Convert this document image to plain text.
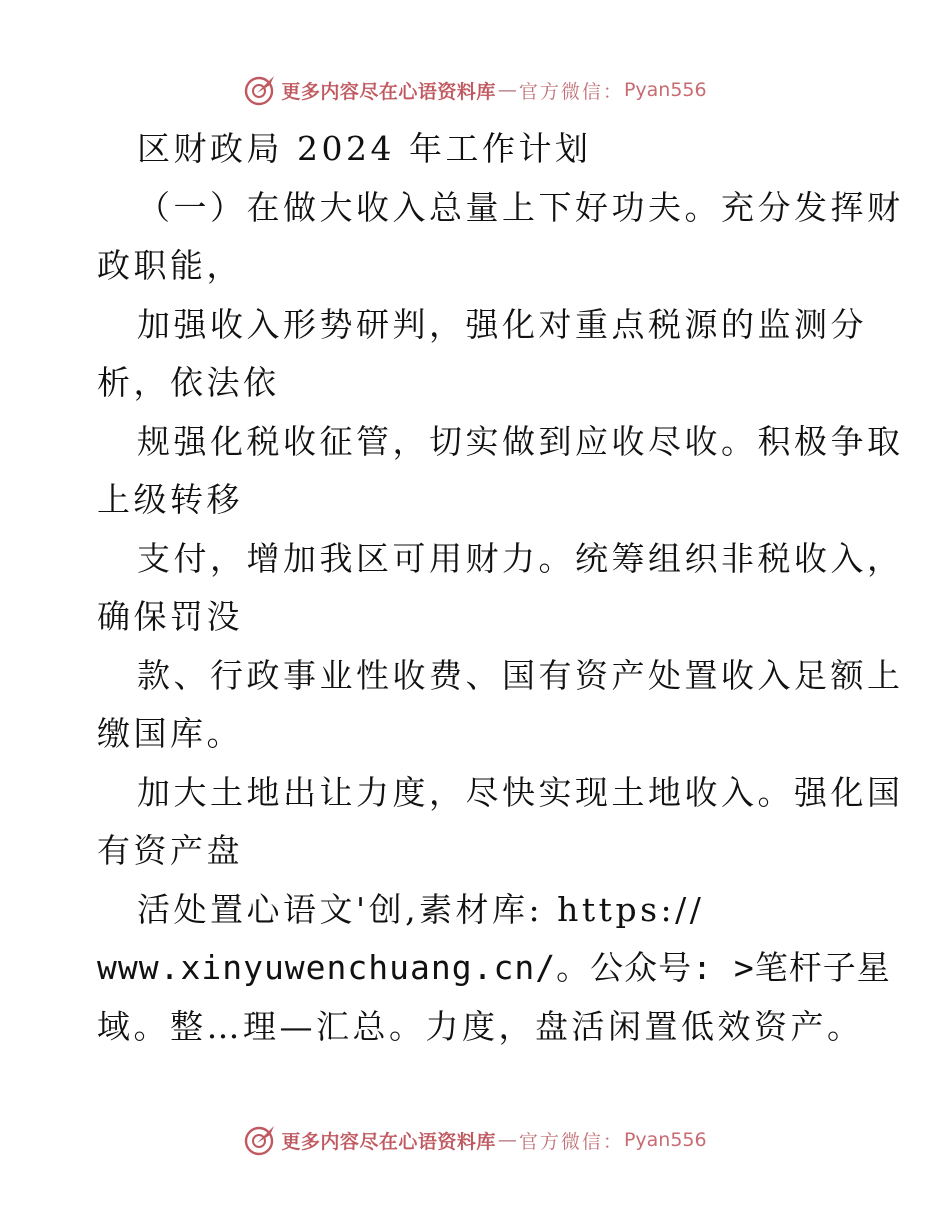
更多内容尽在心语资料库 — 官方微信： Pyan556
区财政局 2024 年工作计划
（一）在做大收入总量上下好功夫。充分发挥财
政职能，
加强收入形势研判，强化对重点税源的监测分
析，依法依
规强化税收征管，切实做到应收尽收。积极争取
上级转移
支付，增加我区可用财力。统筹组织非税收入，
确保罚没
款、行政事业性收费、国有资产处置收入足额上
缴国库。
加大土地出让力度，尽快实现土地收入。强化国
有资产盘
活处置心语文'创,素材库: https://
www.xinyuwenchuang.cn/。公众号: >笔杆子星
域。整…理—汇总。力度，盘活闲置低效资产。
更多内容尽在心语资料库 — 官方微信： Pyan556
